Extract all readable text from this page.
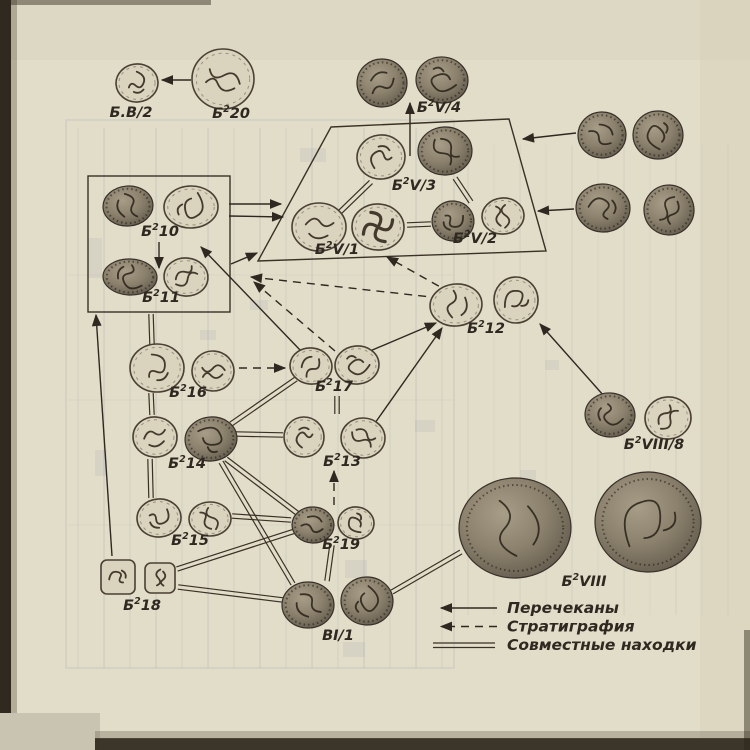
Б.В/2	$Б^220$	$Б^2V/4$
$Б^2V/3$
$Б^2V/1$
$Б^2V/2$
$Б^210$
$Б^211$
$Б^212$
$Б^216$	$Б^217$
$Б^213$
$Б^214$
$Б^215$	$Б^219$
$Б^218$
ВI/1
$Б^2VIII/8$
$Б^2VIII$
Перечеканы
Стратиграфия
Совместные находки
